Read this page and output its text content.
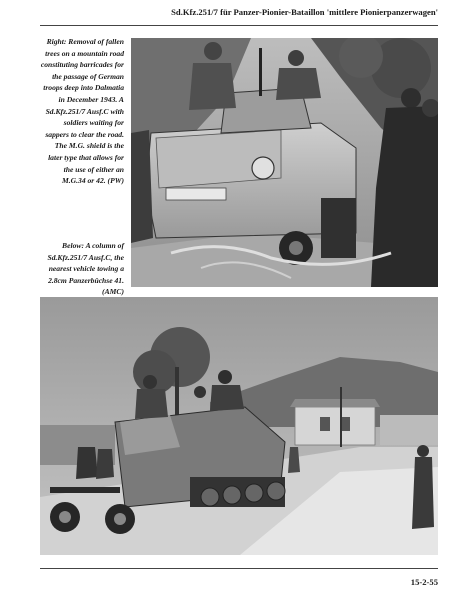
Sd.Kfz.251/7 für Panzer-Pionier-Bataillon 'mittlere Pionierpanzerwagen'
Right: Removal of fallen trees on a mountain road constituting barricades for the passage of German troops deep into Dalmatia in December 1943. A Sd.Kfz.251/7 Ausf.C with soldiers waiting for sappers to clear the road. The M.G. shield is the later type that allows for the use of either an M.G.34 or 42. (PW)
Below: A column of Sd.Kfz.251/7 Ausf.C, the nearest vehicle towing a 2.8cm Panzerbüchse 41. (AMC)
15-2-55
